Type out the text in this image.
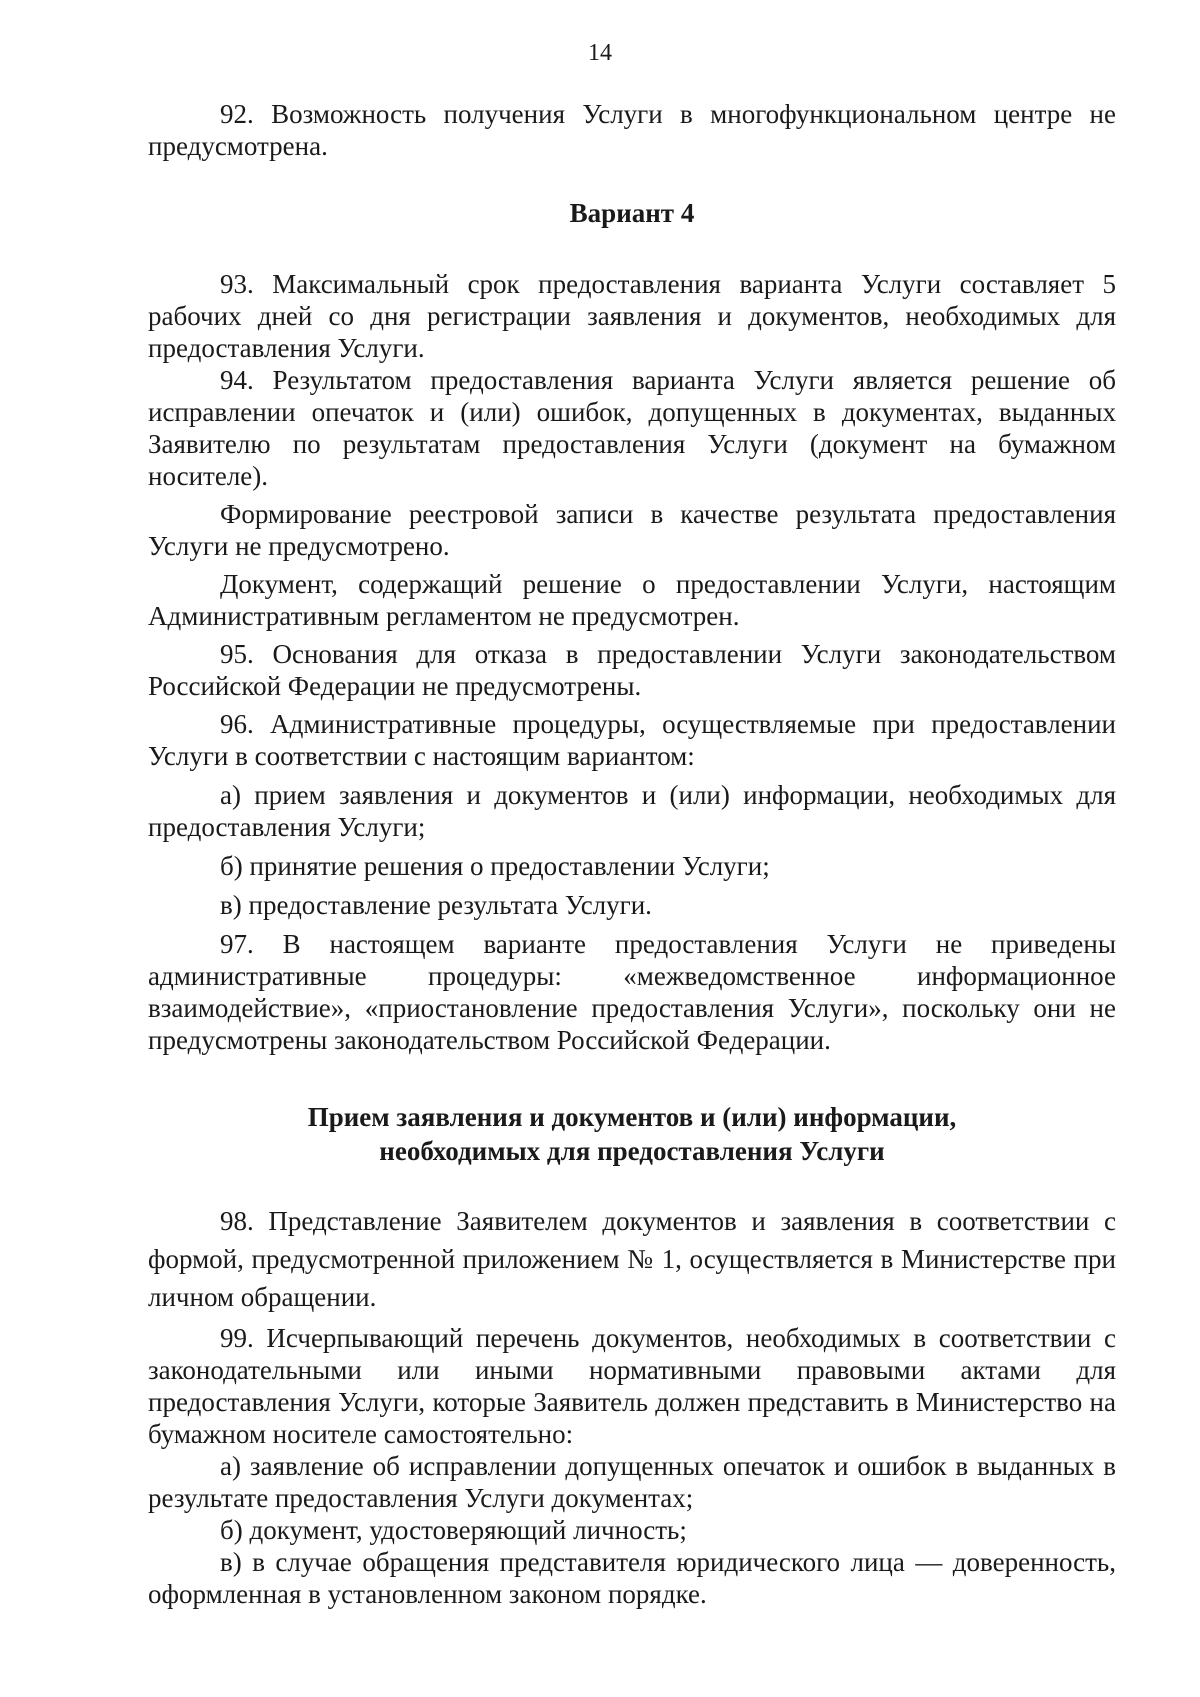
14

92. Возможность получения Услуги в многофункциональном центре не предусмотрена.

Вариант 4

93. Максимальный срок предоставления варианта Услуги составляет 5 рабочих дней со дня регистрации заявления и документов, необходимых для предоставления Услуги.

94. Результатом предоставления варианта Услуги является решение об исправлении опечаток и (или) ошибок, допущенных в документах, выданных Заявителю по результатам предоставления Услуги (документ на бумажном носителе).

Формирование реестровой записи в качестве результата предоставления Услуги не предусмотрено.

Документ, содержащий решение о предоставлении Услуги, настоящим Административным регламентом не предусмотрен.

95. Основания для отказа в предоставлении Услуги законодательством Российской Федерации не предусмотрены.

96. Административные процедуры, осуществляемые при предоставлении Услуги в соответствии с настоящим вариантом:

а) прием заявления и документов и (или) информации, необходимых для предоставления Услуги;

б) принятие решения о предоставлении Услуги;

в) предоставление результата Услуги.

97. В настоящем варианте предоставления Услуги не приведены административные процедуры: «межведомственное информационное взаимодействие», «приостановление предоставления Услуги», поскольку они не предусмотрены законодательством Российской Федерации.

Прием заявления и документов и (или) информации,
необходимых для предоставления Услуги

98. Представление Заявителем документов и заявления в соответствии с формой, предусмотренной приложением № 1, осуществляется в Министерстве при личном обращении.

99. Исчерпывающий перечень документов, необходимых в соответствии с законодательными или иными нормативными правовыми актами для предоставления Услуги, которые Заявитель должен представить в Министерство на бумажном носителе самостоятельно:

а) заявление об исправлении допущенных опечаток и ошибок в выданных в результате предоставления Услуги документах;

б) документ, удостоверяющий личность;

в) в случае обращения представителя юридического лица — доверенность, оформленная в установленном законом порядке.
